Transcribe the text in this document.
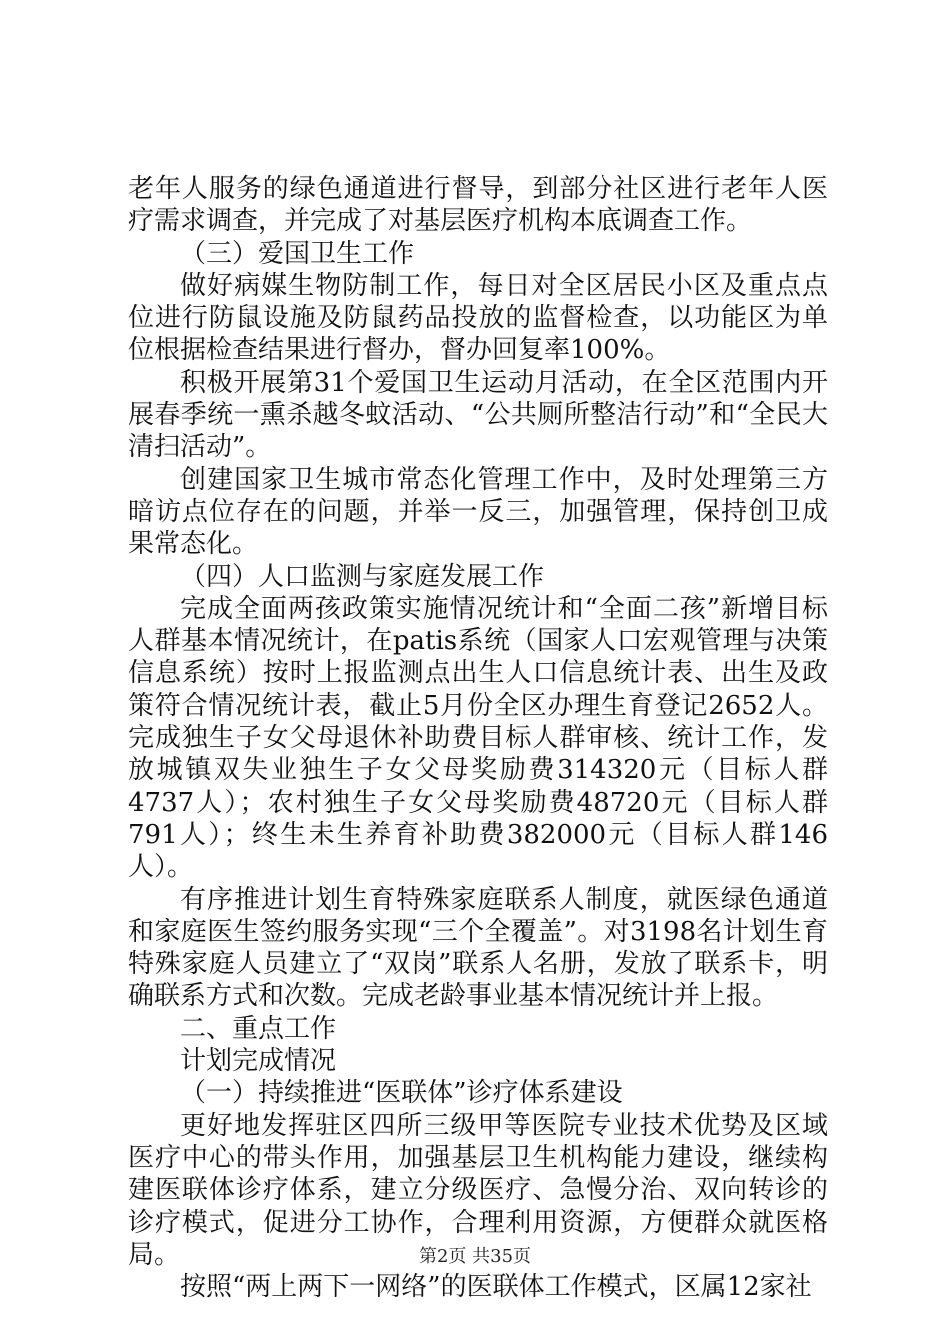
老年人服务的绿色通道进行督导，到部分社区进行老年人医疗需求调查，并完成了对基层医疗机构本底调查工作。

（三）爱国卫生工作

做好病媒生物防制工作，每日对全区居民小区及重点点位进行防鼠设施及防鼠药品投放的监督检查，以功能区为单位根据检查结果进行督办，督办回复率100%。

积极开展第31个爱国卫生运动月活动，在全区范围内开展春季统一熏杀越冬蚊活动、“公共厕所整洁行动”和“全民大清扫活动”。

创建国家卫生城市常态化管理工作中，及时处理第三方暗访点位存在的问题，并举一反三，加强管理，保持创卫成果常态化。

（四）人口监测与家庭发展工作

完成全面两孩政策实施情况统计和“全面二孩”新增目标人群基本情况统计，在patis系统（国家人口宏观管理与决策信息系统）按时上报监测点出生人口信息统计表、出生及政策符合情况统计表，截止5月份全区办理生育登记2652人。完成独生子女父母退休补助费目标人群审核、统计工作，发放城镇双失业独生子女父母奖励费314320元（目标人群4737人）；农村独生子女父母奖励费48720元（目标人群791人）；终生未生养育补助费382000元（目标人群146人）。

有序推进计划生育特殊家庭联系人制度，就医绿色通道和家庭医生签约服务实现“三个全覆盖”。对3198名计划生育特殊家庭人员建立了“双岗”联系人名册，发放了联系卡，明确联系方式和次数。完成老龄事业基本情况统计并上报。

二、重点工作

计划完成情况

（一）持续推进“医联体”诊疗体系建设

更好地发挥驻区四所三级甲等医院专业技术优势及区域医疗中心的带头作用，加强基层卫生机构能力建设，继续构建医联体诊疗体系，建立分级医疗、急慢分治、双向转诊的诊疗模式，促进分工协作，合理利用资源，方便群众就医格局。

按照“两上两下一网络”的医联体工作模式，区属12家社

第2页 共35页
